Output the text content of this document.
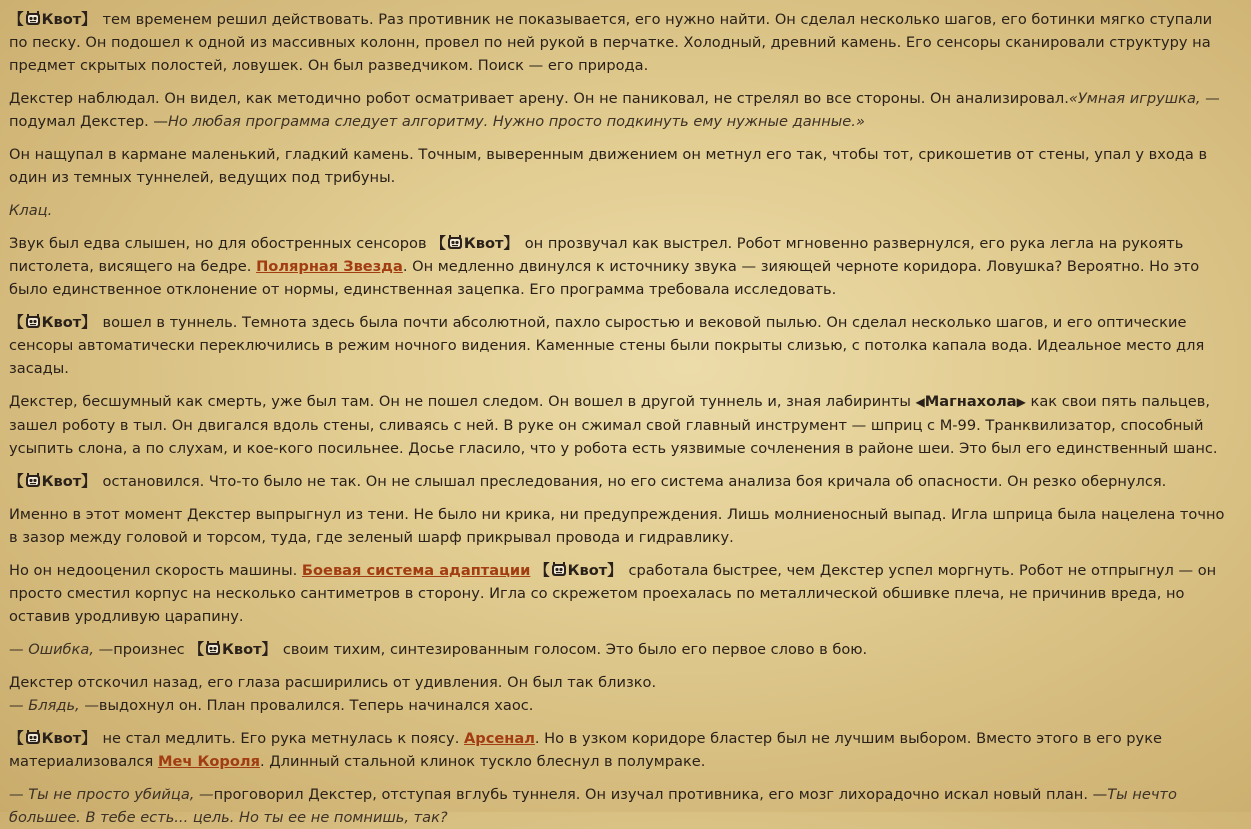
【 Квот】 тем временем решил действовать. Раз противник не показывается, его нужно найти. Он сделал несколько шагов, его ботинки мягко ступали по песку. Он подошел к одной из массивных колонн, провел по ней рукой в перчатке. Холодный, древний камень. Его сенсоры сканировали структуру на предмет скрытых полостей, ловушек. Он был разведчиком. Поиск — его природа.

Декстер наблюдал. Он видел, как методично робот осматривает арену. Он не паниковал, не стрелял во все стороны. Он анализировал.«Умная игрушка, — подумал Декстер. —Но любая программа следует алгоритму. Нужно просто подкинуть ему нужные данные.»

Он нащупал в кармане маленький, гладкий камень. Точным, выверенным движением он метнул его так, чтобы тот, срикошетив от стены, упал у входа в один из темных туннелей, ведущих под трибуны.

Клац.

Звук был едва слышен, но для обостренных сенсоров 【 Квот】 он прозвучал как выстрел. Робот мгновенно развернулся, его рука легла на рукоять пистолета, висящего на бедре. Полярная Звезда. Он медленно двинулся к источнику звука — зияющей черноте коридора. Ловушка? Вероятно. Но это было единственное отклонение от нормы, единственная зацепка. Его программа требовала исследовать.

【 Квот】 вошел в туннель. Темнота здесь была почти абсолютной, пахло сыростью и вековой пылью. Он сделал несколько шагов, и его оптические сенсоры автоматически переключились в режим ночного видения. Каменные стены были покрыты слизью, с потолка капала вода. Идеальное место для засады.

Декстер, бесшумный как смерть, уже был там. Он не пошел следом. Он вошел в другой туннель и, зная лабиринты ◀Магнахола▶ как свои пять пальцев, зашел роботу в тыл. Он двигался вдоль стены, сливаясь с ней. В руке он сжимал свой главный инструмент — шприц с М-99. Транквилизатор, способный усыпить слона, а по слухам, и кое-кого посильнее. Досье гласило, что у робота есть уязвимые сочленения в районе шеи. Это был его единственный шанс.

【 Квот】 остановился. Что-то было не так. Он не слышал преследования, но его система анализа боя кричала об опасности. Он резко обернулся.

Именно в этот момент Декстер выпрыгнул из тени. Не было ни крика, ни предупреждения. Лишь молниеносный выпад. Игла шприца была нацелена точно в зазор между головой и торсом, туда, где зеленый шарф прикрывал провода и гидравлику.

Но он недооценил скорость машины. Боевая система адаптации 【 Квот】 сработала быстрее, чем Декстер успел моргнуть. Робот не отпрыгнул — он просто сместил корпус на несколько сантиметров в сторону. Игла со скрежетом проехалась по металлической обшивке плеча, не причинив вреда, но оставив уродливую царапину.

— Ошибка, —произнес 【 Квот】 своим тихим, синтезированным голосом. Это было его первое слово в бою.

Декстер отскочил назад, его глаза расширились от удивления. Он был так близко.
— Блядь, —выдохнул он. План провалился. Теперь начинался хаос.

【 Квот】 не стал медлить. Его рука метнулась к поясу. Арсенал. Но в узком коридоре бластер был не лучшим выбором. Вместо этого в его руке материализовался Меч Короля. Длинный стальной клинок тускло блеснул в полумраке.

— Ты не просто убийца, —проговорил Декстер, отступая вглубь туннеля. Он изучал противника, его мозг лихорадочно искал новый план. —Ты нечто большее. В тебе есть... цель. Но ты ее не помнишь, так?
